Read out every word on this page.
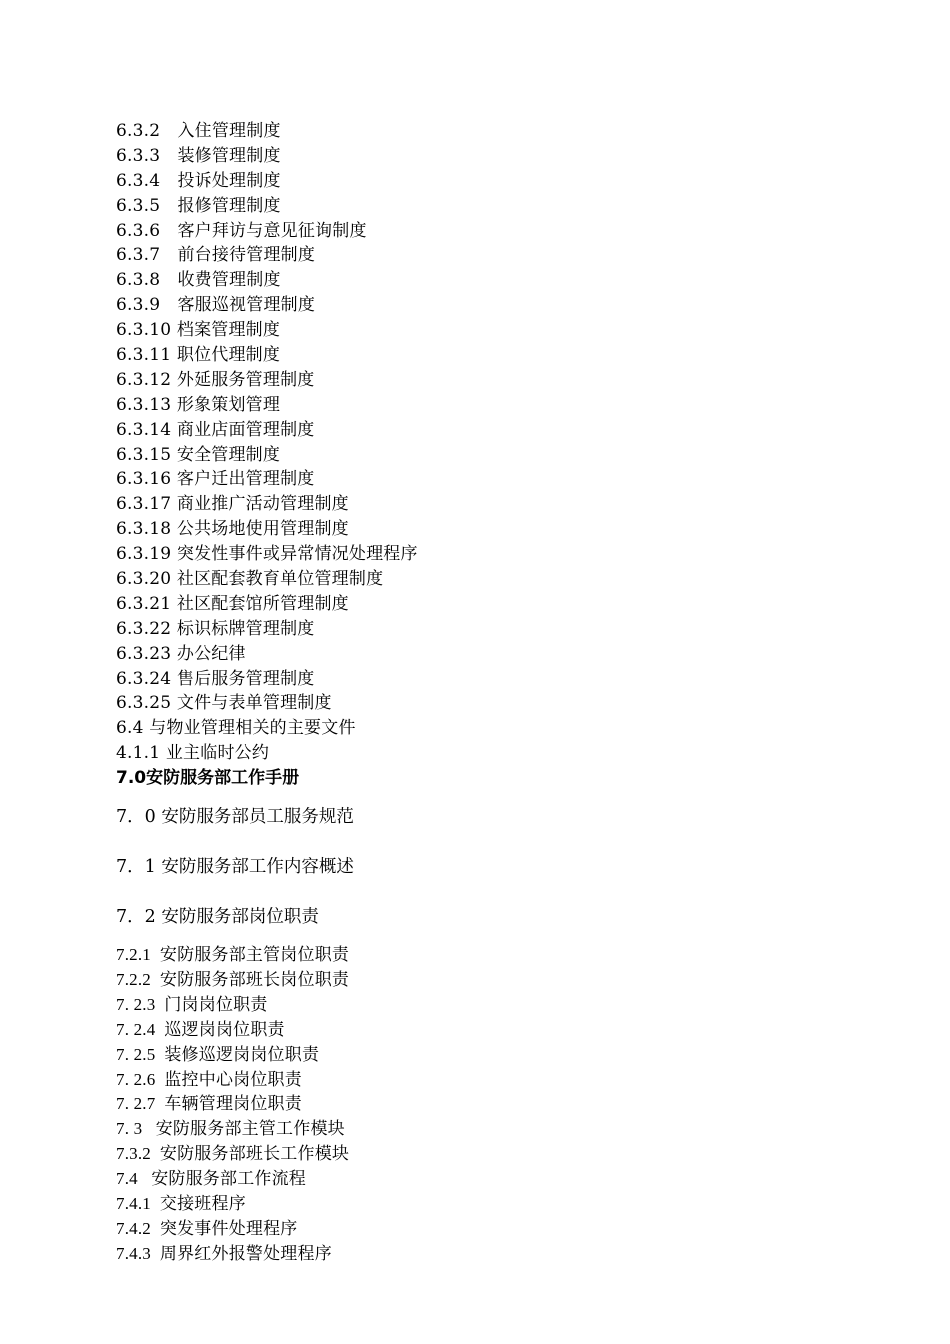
6.3.2　入住管理制度
6.3.3　装修管理制度
6.3.4　投诉处理制度
6.3.5　报修管理制度
6.3.6　客户拜访与意见征询制度
6.3.7　前台接待管理制度
6.3.8　收费管理制度
6.3.9　客服巡视管理制度
6.3.10 档案管理制度
6.3.11 职位代理制度
6.3.12 外延服务管理制度
6.3.13 形象策划管理
6.3.14 商业店面管理制度
6.3.15 安全管理制度
6.3.16 客户迁出管理制度
6.3.17 商业推广活动管理制度
6.3.18 公共场地使用管理制度
6.3.19 突发性事件或异常情况处理程序
6.3.20 社区配套教育单位管理制度
6.3.21 社区配套馆所管理制度
6.3.22 标识标牌管理制度
6.3.23 办公纪律
6.3.24 售后服务管理制度
6.3.25 文件与表单管理制度
6.4 与物业管理相关的主要文件
4.1.1 业主临时公约
7.0安防服务部工作手册
7．0 安防服务部员工服务规范
7．1 安防服务部工作内容概述
7．2 安防服务部岗位职责
7.2.1  安防服务部主管岗位职责
7.2.2  安防服务部班长岗位职责
7. 2.3  门岗岗位职责
7. 2.4  巡逻岗岗位职责
7. 2.5  装修巡逻岗岗位职责
7. 2.6  监控中心岗位职责
7. 2.7  车辆管理岗位职责
7. 3   安防服务部主管工作模块
7.3.2  安防服务部班长工作模块
7.4   安防服务部工作流程
7.4.1  交接班程序
7.4.2  突发事件处理程序
7.4.3  周界红外报警处理程序
